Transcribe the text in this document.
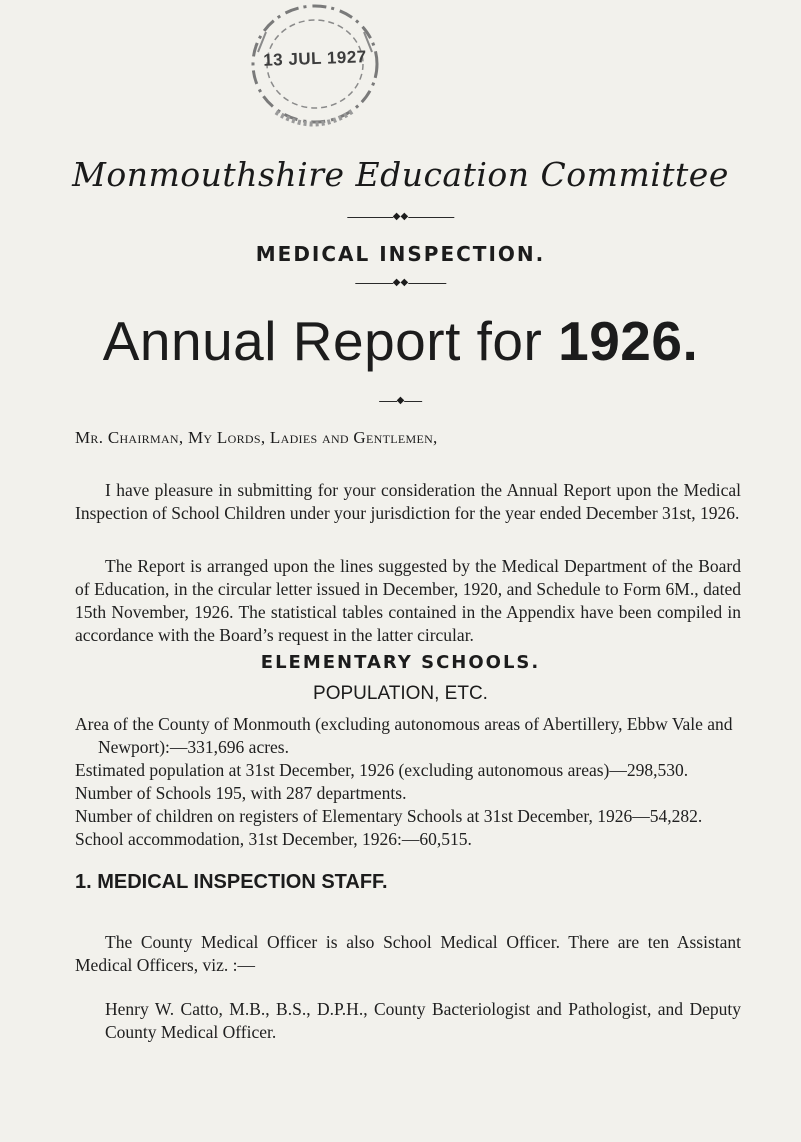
13 JUL 1927
Monmouthshire Education Committee
◆◆
MEDICAL INSPECTION.
◆◆
Annual Report for 1926.
◆
Mr. Chairman, My Lords, Ladies and Gentlemen,

I have pleasure in submitting for your consideration the Annual Report upon the Medical Inspection of School Children under your jurisdiction for the year ended December 31st, 1926.

The Report is arranged upon the lines suggested by the Medical Department of the Board of Education, in the circular letter issued in December, 1920, and Schedule to Form 6M., dated 15th November, 1926. The statistical tables contained in the Appendix have been compiled in accordance with the Board’s request in the latter circular.

ELEMENTARY SCHOOLS.
POPULATION, ETC.
Area of the County of Monmouth (excluding autonomous areas of Abertillery, Ebbw Vale and Newport):—331,696 acres.
Estimated population at 31st December, 1926 (excluding autonomous areas)—298,530.
Number of Schools 195, with 287 departments.
Number of children on registers of Elementary Schools at 31st December, 1926—54,282.
School accommodation, 31st December, 1926:—60,515.
1. MEDICAL INSPECTION STAFF.

The County Medical Officer is also School Medical Officer. There are ten Assistant Medical Officers, viz. :—

Henry W. Catto, M.B., B.S., D.P.H., County Bacteriologist and Pathologist, and Deputy County Medical Officer.
